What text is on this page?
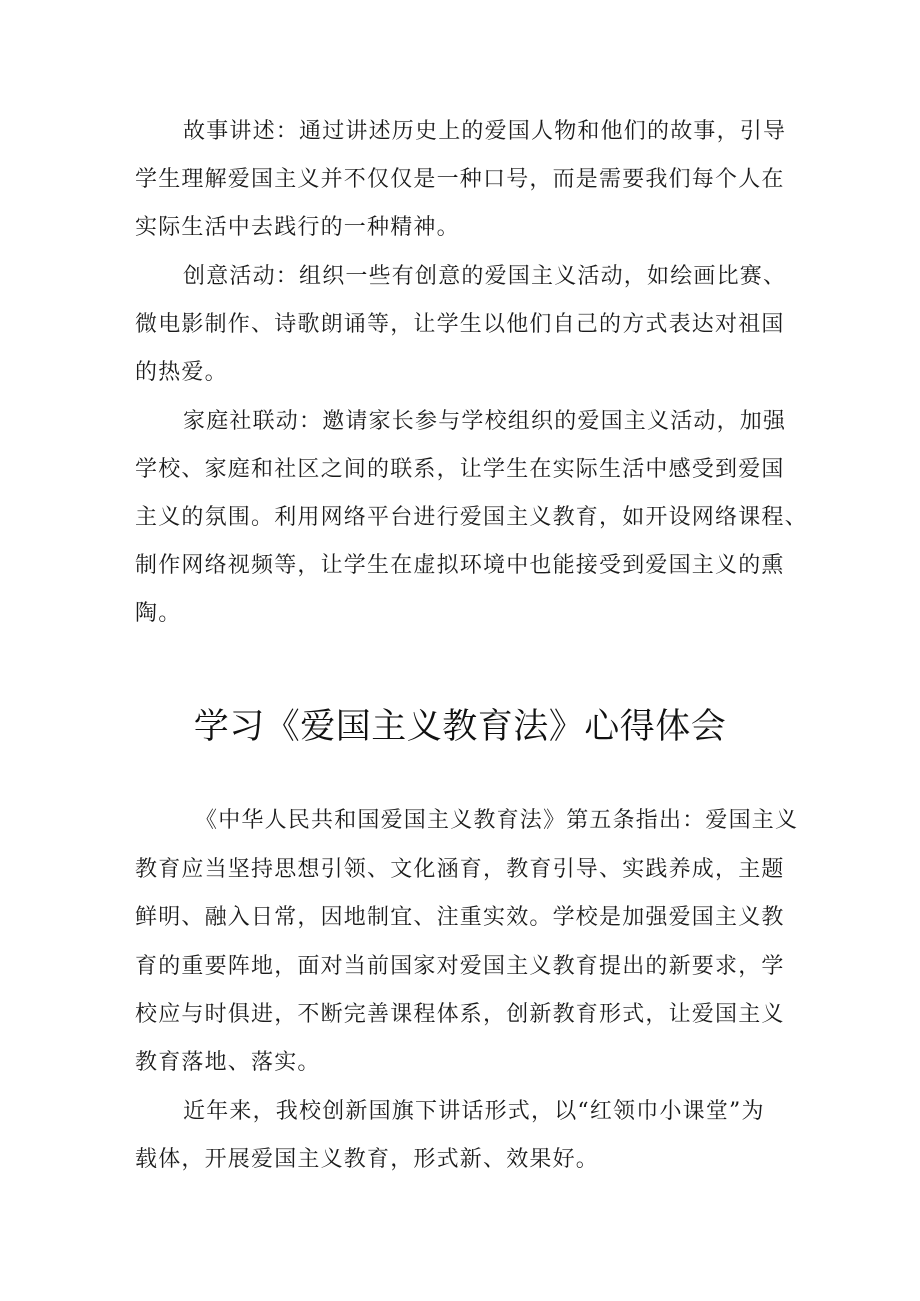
故事讲述：通过讲述历史上的爱国人物和他们的故事，引导
学生理解爱国主义并不仅仅是一种口号，而是需要我们每个人在
实际生活中去践行的一种精神。
创意活动：组织一些有创意的爱国主义活动，如绘画比赛、
微电影制作、诗歌朗诵等，让学生以他们自己的方式表达对祖国
的热爱。
家庭社联动：邀请家长参与学校组织的爱国主义活动，加强
学校、家庭和社区之间的联系，让学生在实际生活中感受到爱国
主义的氛围。利用网络平台进行爱国主义教育，如开设网络课程、
制作网络视频等，让学生在虚拟环境中也能接受到爱国主义的熏
陶。
学习《爱国主义教育法》心得体会
《中华人民共和国爱国主义教育法》第五条指出：爱国主义
教育应当坚持思想引领、文化涵育，教育引导、实践养成，主题
鲜明、融入日常，因地制宜、注重实效。学校是加强爱国主义教
育的重要阵地，面对当前国家对爱国主义教育提出的新要求，学
校应与时俱进，不断完善课程体系，创新教育形式，让爱国主义
教育落地、落实。
近年来，我校创新国旗下讲话形式，以“红领巾小课堂”为
载体，开展爱国主义教育，形式新、效果好。
